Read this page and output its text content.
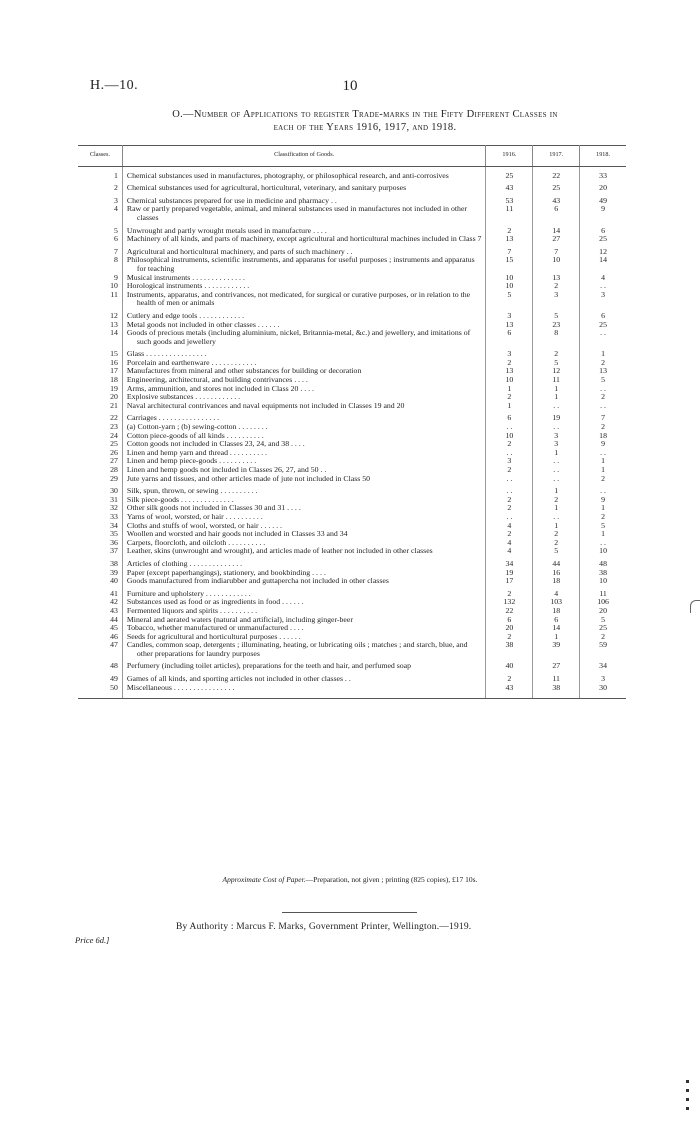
H.—10.	10
O.—Number of Applications to register Trade-marks in the Fifty Different Classes in
each of the Years 1916, 1917, and 1918.
Classes.	Classification of Goods.	1916.	1917.	1918.

1	Chemical substances used in manufactures, photography, or philosophical research, and anti-corrosives	25	22	33
2	Chemical substances used for agricultural, horticultural, veterinary, and sanitary purposes	43	25	20
3	Chemical substances prepared for use in medicine and pharmacy . .	53	43	49
4	Raw or partly prepared vegetable, animal, and mineral substances used in manufactures not included in other classes	11	6	9
5	Unwrought and partly wrought metals used in manufacture . . . .	2	14	6
6	Machinery of all kinds, and parts of machinery, except agricultural and horticultural machines included in Class 7	13	27	25
7	Agricultural and horticultural machinery, and parts of such machinery . .	7	7	12
8	Philosophical instruments, scientific instruments, and apparatus for useful purposes ; instruments and apparatus for teaching	15	10	14
9	Musical instruments . . . . . . . . . . . . . .	10	13	4
10	Horological instruments . . . . . . . . . . . .	10	2	. .
11	Instruments, apparatus, and contrivances, not medicated, for surgical or curative purposes, or in relation to the health of men or animals	5	3	3
12	Cutlery and edge tools . . . . . . . . . . . .	3	5	6
13	Metal goods not included in other classes . . . . . .	13	23	25
14	Goods of precious metals (including aluminium, nickel, Britannia-metal, &c.) and jewellery, and imitations of such goods and jewellery	6	8	. .
15	Glass . . . . . . . . . . . . . . . .	3	2	1
16	Porcelain and earthenware . . . . . . . . . . . .	2	5	2
17	Manufactures from mineral and other substances for building or decoration	13	12	13
18	Engineering, architectural, and building contrivances . . . .	10	11	5
19	Arms, ammunition, and stores not included in Class 20 . . . .	1	1	. .
20	Explosive substances . . . . . . . . . . . .	2	1	2
21	Naval architectural contrivances and naval equipments not included in Classes 19 and 20	1	. .	. .
22	Carriages . . . . . . . . . . . . . . . .	6	19	7
23	(a) Cotton-yarn ; (b) sewing-cotton . . . . . . . .	. .	. .	2
24	Cotton piece-goods of all kinds . . . . . . . . . .	10	3	18
25	Cotton goods not included in Classes 23, 24, and 38 . . . .	2	3	9
26	Linen and hemp yarn and thread . . . . . . . . . .	. .	1	. .
27	Linen and hemp piece-goods . . . . . . . . . .	3	. .	1
28	Linen and hemp goods not included in Classes 26, 27, and 50 . .	2	. .	1
29	Jute yarns and tissues, and other articles made of jute not included in Class 50	. .	. .	2
30	Silk, spun, thrown, or sewing . . . . . . . . . .	. .	1	. .
31	Silk piece-goods . . . . . . . . . . . . . .	2	2	9
32	Other silk goods not included in Classes 30 and 31 . . . .	2	1	1
33	Yarns of wool, worsted, or hair . . . . . . . . . .	. .	. .	2
34	Cloths and stuffs of wool, worsted, or hair . . . . . .	4	1	5
35	Woollen and worsted and hair goods not included in Classes 33 and 34	2	2	1
36	Carpets, floorcloth, and oilcloth . . . . . . . . . .	4	2	. .
37	Leather, skins (unwrought and wrought), and articles made of leather not included in other classes	4	5	10
38	Articles of clothing . . . . . . . . . . . . . .	34	44	48
39	Paper (except paperhangings), stationery, and bookbinding . . . .	19	16	38
40	Goods manufactured from indiarubber and guttapercha not included in other classes	17	18	10
41	Furniture and upholstery . . . . . . . . . . . .	2	4	11
42	Substances used as food or as ingredients in food . . . . . .	132	103	106
43	Fermented liquors and spirits . . . . . . . . . .	22	18	20
44	Mineral and aerated waters (natural and artificial), including ginger-beer	6	6	5
45	Tobacco, whether manufactured or unmanufactured . . . .	20	14	25
46	Seeds for agricultural and horticultural purposes . . . . . .	2	1	2
47	Candles, common soap, detergents ; illuminating, heating, or lubricating oils ; matches ; and starch, blue, and other preparations for laundry purposes	38	39	59
48	Perfumery (including toilet articles), preparations for the teeth and hair, and perfumed soap	40	27	34
49	Games of all kinds, and sporting articles not included in other classes . .	2	11	3
50	Miscellaneous . . . . . . . . . . . . . . . .	43	38	30

Approximate Cost of Paper.—Preparation, not given ; printing (825 copies), £17 10s.
By Authority : Marcus F. Marks, Government Printer, Wellington.—1919.
Price 6d.]
